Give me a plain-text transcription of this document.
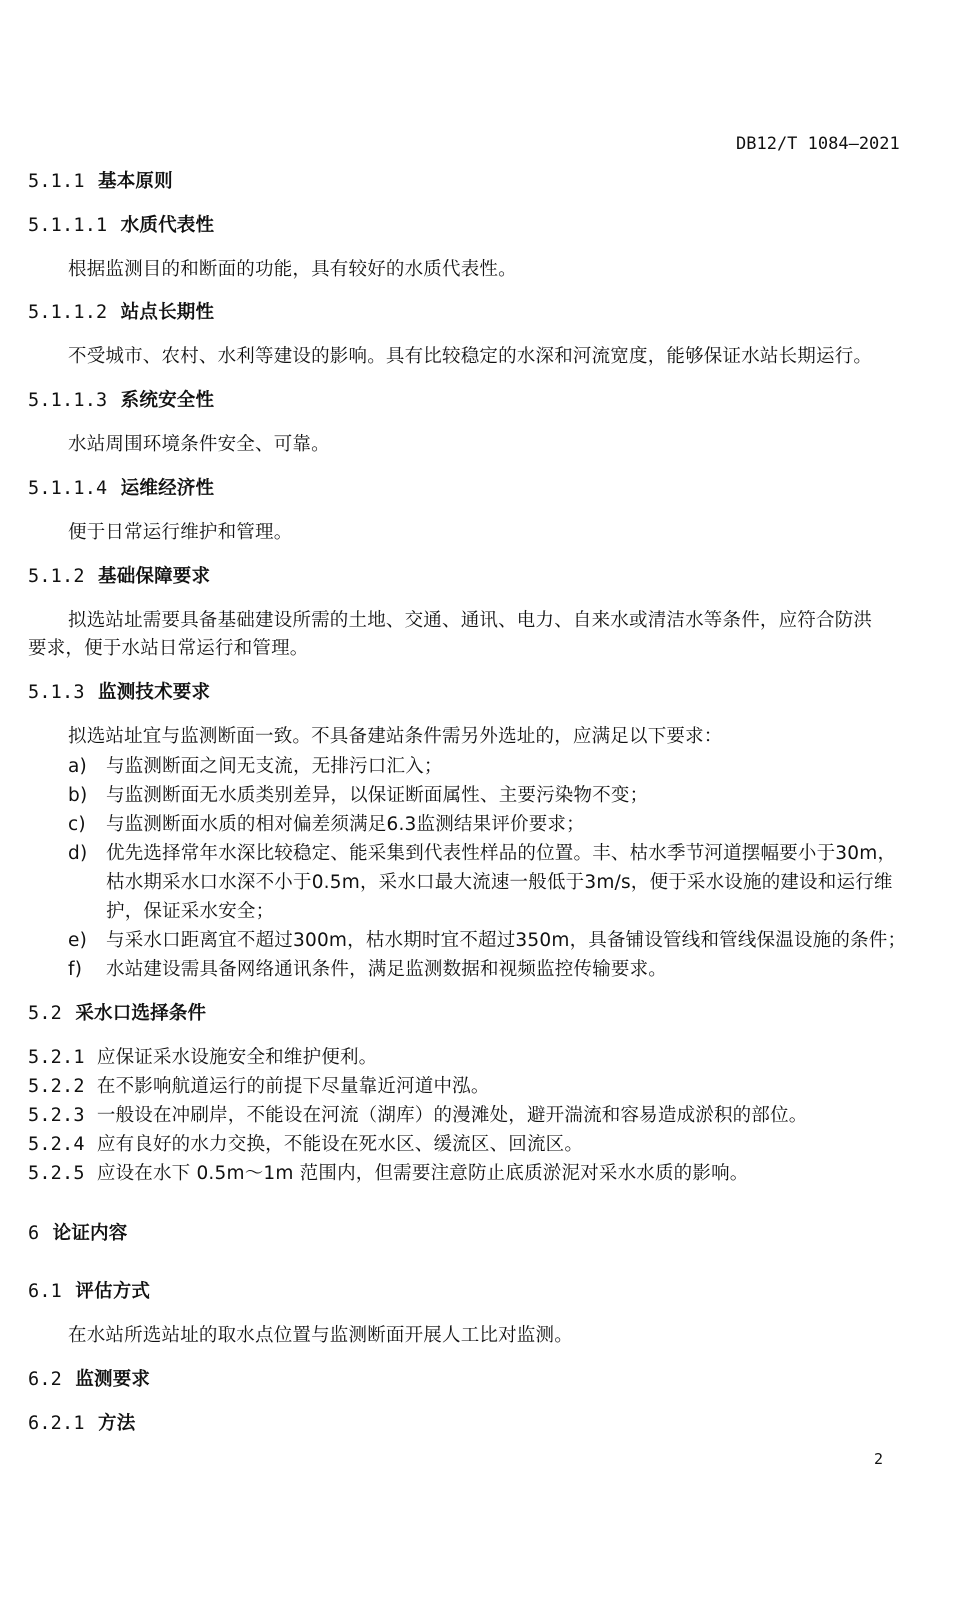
DB12/T 1084—2021
5.1.1 基本原则
5.1.1.1 水质代表性
根据监测目的和断面的功能，具有较好的水质代表性。
5.1.1.2 站点长期性
不受城市、农村、水利等建设的影响。具有比较稳定的水深和河流宽度，能够保证水站长期运行。
5.1.1.3 系统安全性
水站周围环境条件安全、可靠。
5.1.1.4 运维经济性
便于日常运行维护和管理。
5.1.2 基础保障要求
拟选站址需要具备基础建设所需的土地、交通、通讯、电力、自来水或清洁水等条件，应符合防洪
要求，便于水站日常运行和管理。
5.1.3 监测技术要求
拟选站址宜与监测断面一致。不具备建站条件需另外选址的，应满足以下要求：
a) 与监测断面之间无支流，无排污口汇入；
b) 与监测断面无水质类别差异，以保证断面属性、主要污染物不变；
c) 与监测断面水质的相对偏差须满足6.3监测结果评价要求；
d) 优先选择常年水深比较稳定、能采集到代表性样品的位置。丰、枯水季节河道摆幅要小于30m，
枯水期采水口水深不小于0.5m，采水口最大流速一般低于3m/s，便于采水设施的建设和运行维
护，保证采水安全；
e) 与采水口距离宜不超过300m，枯水期时宜不超过350m，具备铺设管线和管线保温设施的条件；
f) 水站建设需具备网络通讯条件，满足监测数据和视频监控传输要求。
5.2 采水口选择条件
5.2.1 应保证采水设施安全和维护便利。
5.2.2 在不影响航道运行的前提下尽量靠近河道中泓。
5.2.3 一般设在冲刷岸，不能设在河流（湖库）的漫滩处，避开湍流和容易造成淤积的部位。
5.2.4 应有良好的水力交换，不能设在死水区、缓流区、回流区。
5.2.5 应设在水下 0.5m～1m 范围内，但需要注意防止底质淤泥对采水水质的影响。
6 论证内容
6.1 评估方式
在水站所选站址的取水点位置与监测断面开展人工比对监测。
6.2 监测要求
6.2.1 方法
2
